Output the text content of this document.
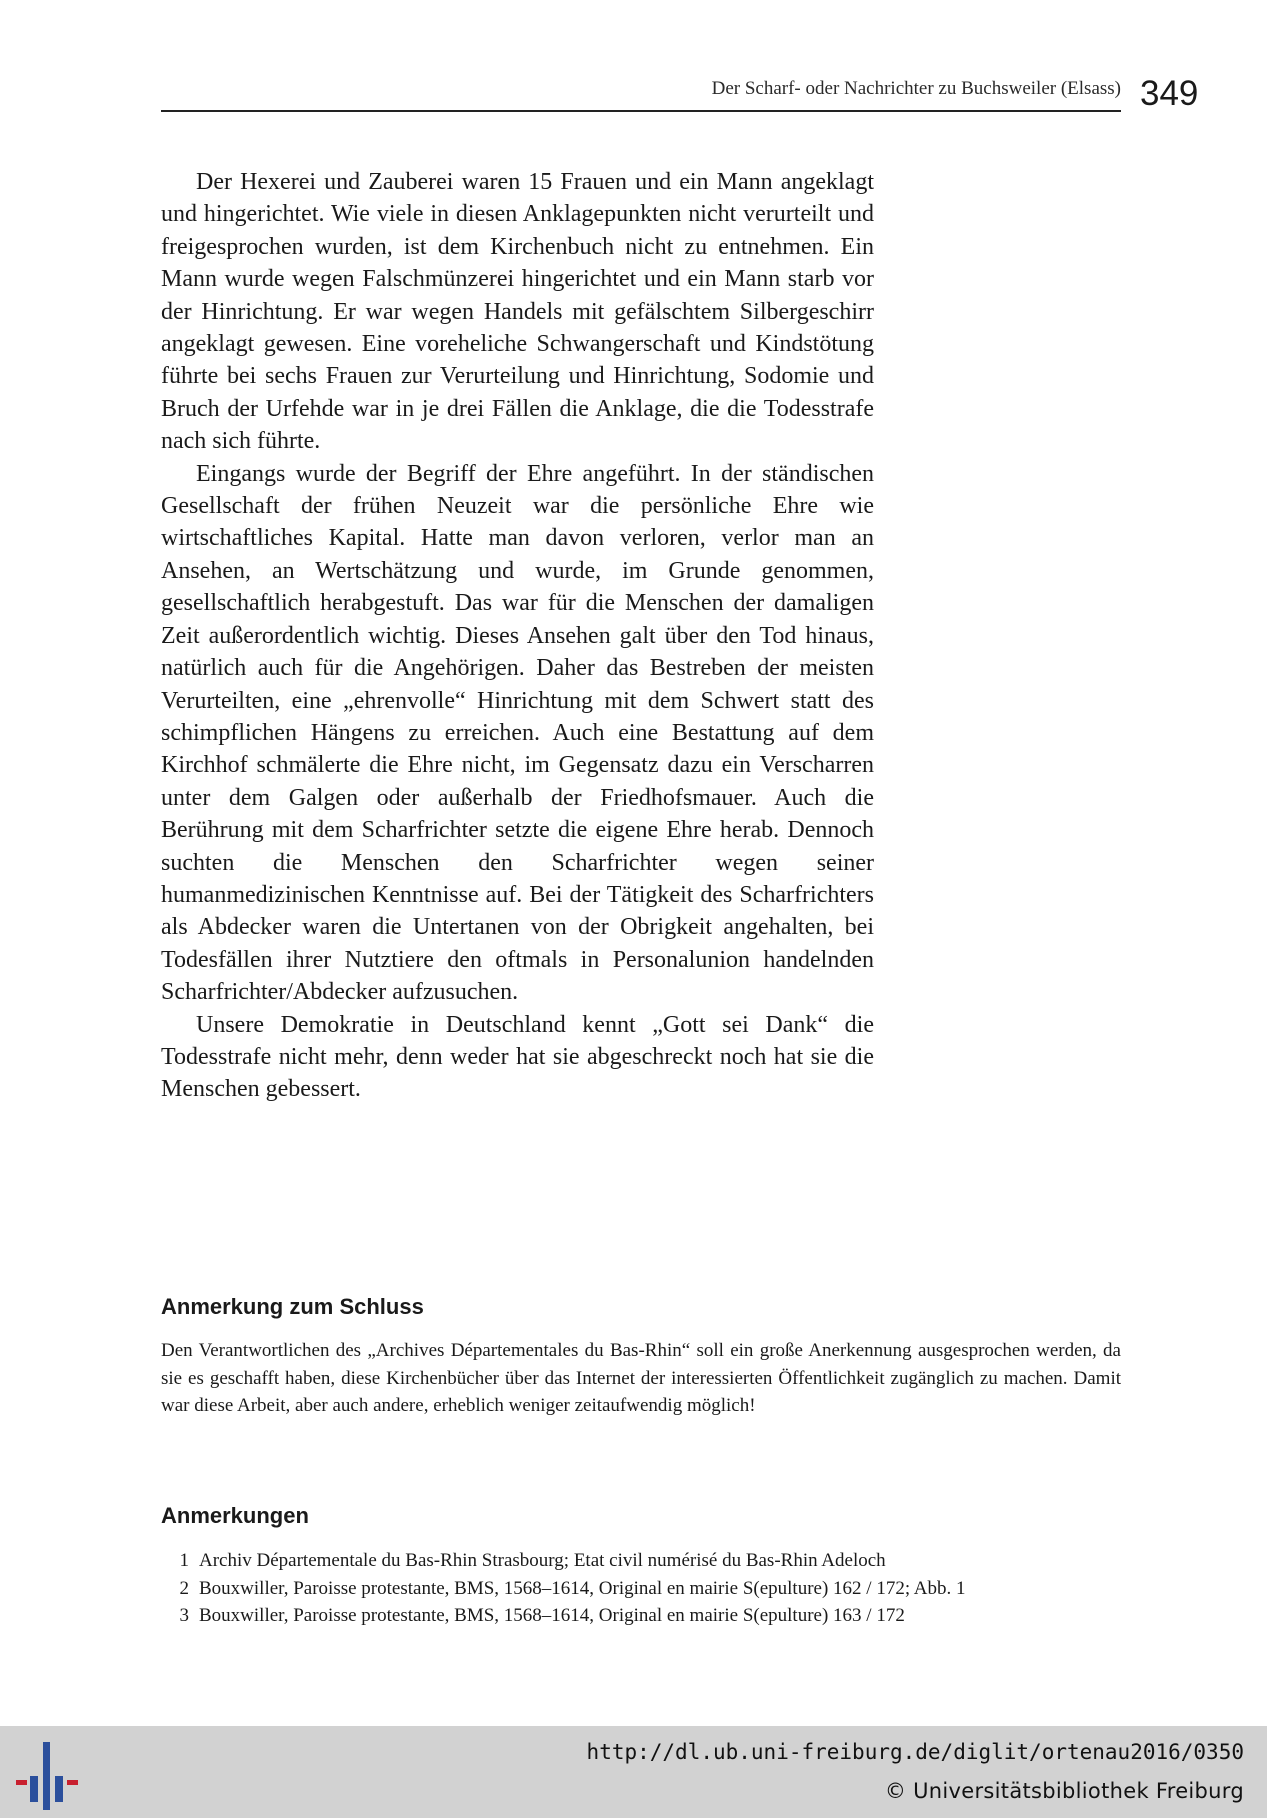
Der Scharf- oder Nachrichter zu Buchsweiler (Elsass) 349

Der Hexerei und Zauberei waren 15 Frauen und ein Mann angeklagt und hingerichtet. Wie viele in diesen Anklagepunkten nicht verurteilt und freigesprochen wurden, ist dem Kirchenbuch nicht zu entnehmen. Ein Mann wurde wegen Falschmünzerei hingerichtet und ein Mann starb vor der Hinrichtung. Er war wegen Handels mit gefälschtem Silbergeschirr angeklagt gewesen. Eine voreheliche Schwangerschaft und Kindstötung führte bei sechs Frauen zur Verurteilung und Hinrichtung, Sodomie und Bruch der Urfehde war in je drei Fällen die Anklage, die die Todesstrafe nach sich führte.

Eingangs wurde der Begriff der Ehre angeführt. In der ständischen Gesellschaft der frühen Neuzeit war die persönliche Ehre wie wirtschaftliches Kapital. Hatte man davon verloren, verlor man an Ansehen, an Wertschätzung und wurde, im Grunde genommen, gesellschaftlich herabgestuft. Das war für die Menschen der damaligen Zeit außerordentlich wichtig. Dieses Ansehen galt über den Tod hinaus, natürlich auch für die Angehörigen. Daher das Bestreben der meisten Verurteilten, eine „ehrenvolle“ Hinrichtung mit dem Schwert statt des schimpflichen Hängens zu erreichen. Auch eine Bestattung auf dem Kirchhof schmälerte die Ehre nicht, im Gegensatz dazu ein Verscharren unter dem Galgen oder außerhalb der Friedhofsmauer. Auch die Berührung mit dem Scharfrichter setzte die eigene Ehre herab. Dennoch suchten die Menschen den Scharfrichter wegen seiner humanmedizinischen Kenntnisse auf. Bei der Tätigkeit des Scharfrichters als Abdecker waren die Untertanen von der Obrigkeit angehalten, bei Todesfällen ihrer Nutztiere den oftmals in Personalunion handelnden Scharfrichter/Abdecker aufzusuchen.

Unsere Demokratie in Deutschland kennt „Gott sei Dank“ die Todesstrafe nicht mehr, denn weder hat sie abgeschreckt noch hat sie die Menschen gebessert.

Anmerkung zum Schluss

Den Verantwortlichen des „Archives Départementales du Bas-Rhin“ soll ein große Anerkennung ausgesprochen werden, da sie es geschafft haben, diese Kirchenbücher über das Internet der interessierten Öffentlichkeit zugänglich zu machen. Damit war diese Arbeit, aber auch andere, erheblich weniger zeitaufwendig möglich!

Anmerkungen
1 Archiv Départementale du Bas-Rhin Strasbourg; Etat civil numérisé du Bas-Rhin Adeloch
2 Bouxwiller, Paroisse protestante, BMS, 1568–1614, Original en mairie S(epulture) 162 / 172; Abb. 1
3 Bouxwiller, Paroisse protestante, BMS, 1568–1614, Original en mairie S(epulture) 163 / 172
http://dl.ub.uni-freiburg.de/diglit/ortenau2016/0350
© Universitätsbibliothek Freiburg
